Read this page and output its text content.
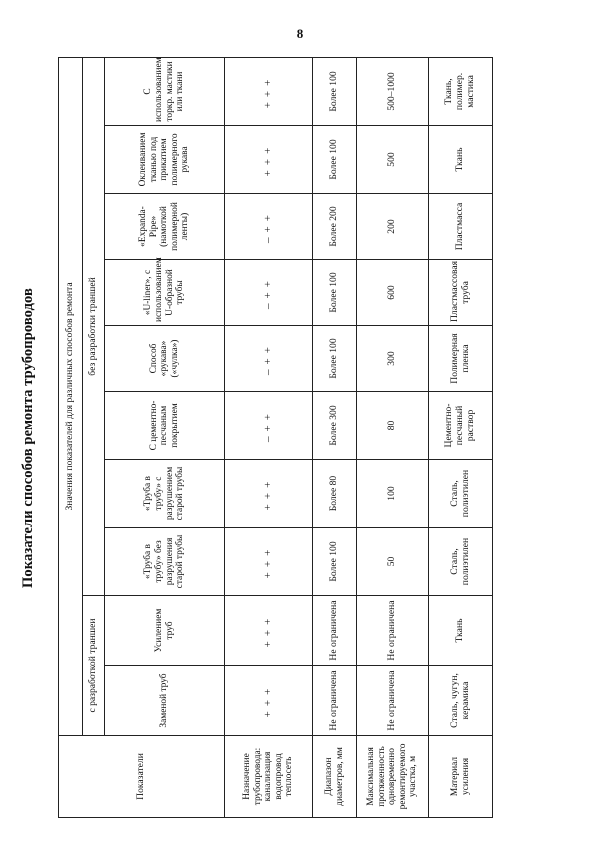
8
Показатели способов ремонта трубопроводов
Показатели	Значения показателей для различных способов ремонта									
	с разработкой траншеи		без разработки траншей							
	Заменой труб	Усилением труб	«Труба в трубу» без разрушения старой трубы	«Труба в трубу» с разрушением старой трубы	С цементно-песчаным покрытием	Способ «рукава» («чулка»)	«U-liner», с использованием U-образной трубы	«Expanda-Pipe» (намоткой полимерной ленты)	Оклеиванием тканью под прикатием полимерного рукава	С использованием торкр. мастики или ткани
Назначение трубопровода: канализация водопровод теплосеть	+++	+++	+++	+++	–++	–++	–++	–++	+++	+++
Диапазон диаметров, мм	Не ограничена	Не ограничена	Более 100	Более 80	Более 300	Более 100	Более 100	Более 200	Более 100	Более 100
Максимальная протяженность одновременно ремонтируемого участка, м	Не ограничена	Не ограничена	50	100	80	300	600	200	500	500–1000
Материал усиления	Сталь, чугун, керамика	Ткань	Сталь, полиэтилен	Сталь, полиэтилен	Цементно-песчаный раствор	Полимерная пленка	Пластмассовая труба	Пластмасса	Ткань	Ткань, полимер. мастика
